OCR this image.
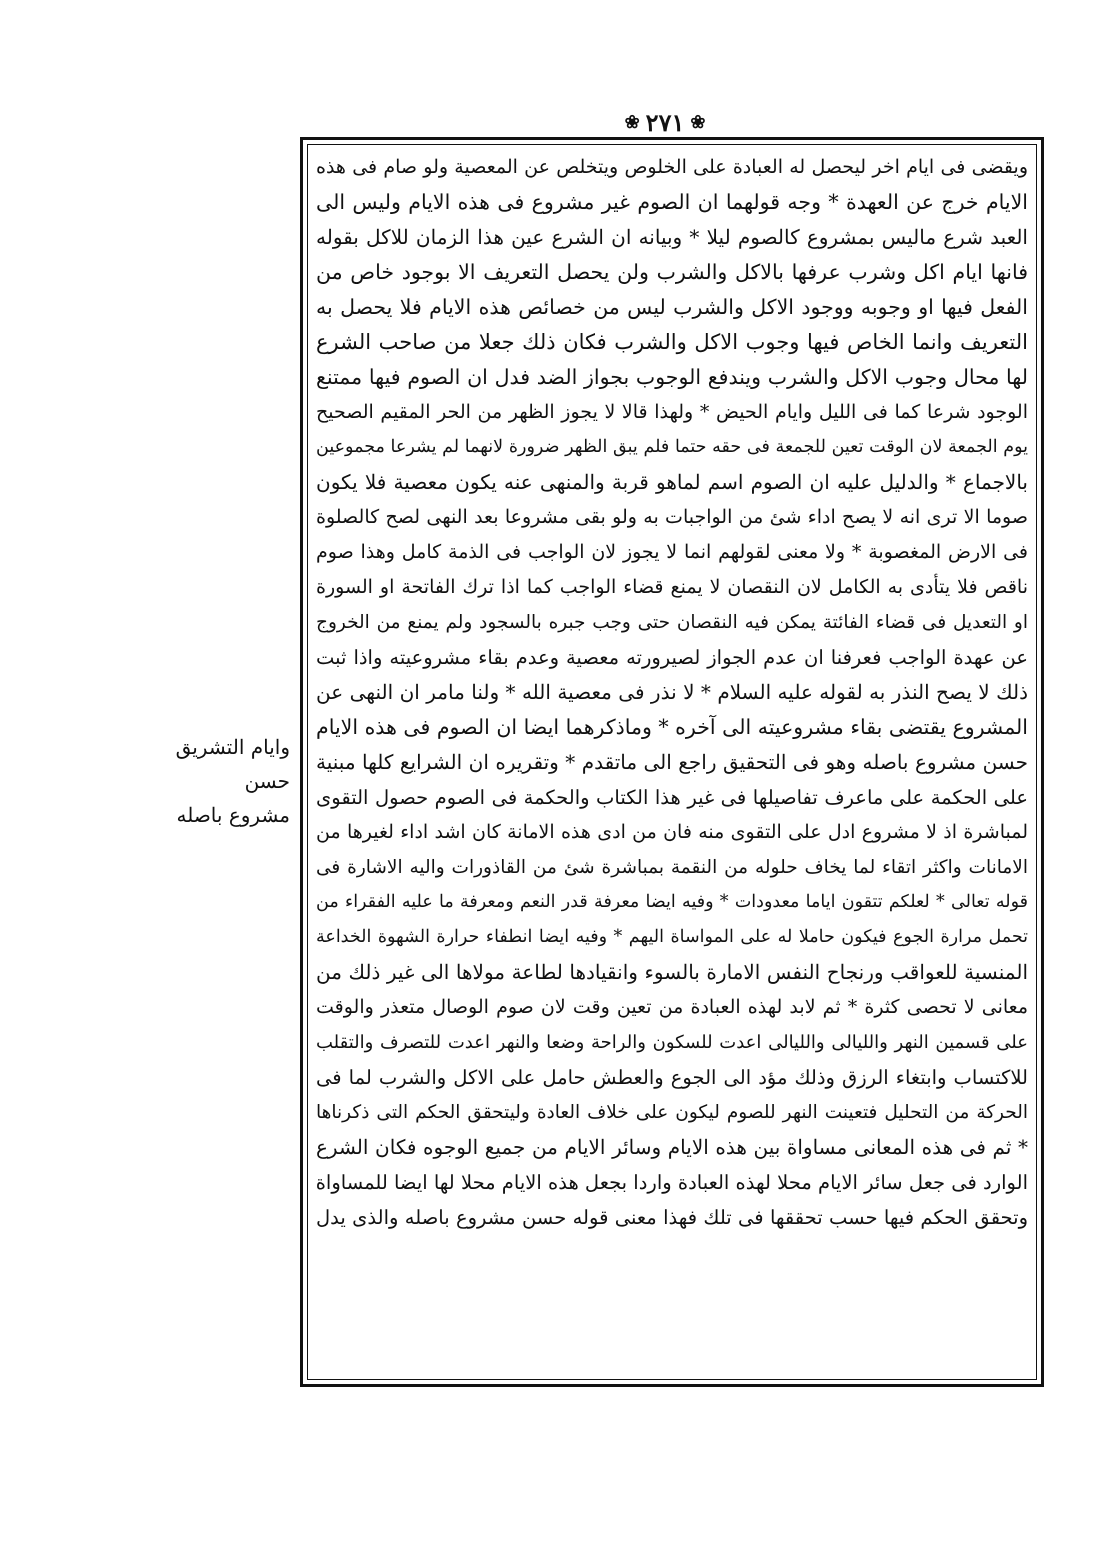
❀
٢٧١
❀
ويقضى فى ايام اخر ليحصل له العبادة على الخلوص ويتخلص عن المعصية ولو صام فى هذه
الايام خرج عن العهدة * وجه قولهما ان الصوم غير مشروع فى هذه الايام وليس الى
العبد شرع ماليس بمشروع كالصوم ليلا * وبيانه ان الشرع عين هذا الزمان للاكل بقوله
فانها ايام اكل وشرب عرفها بالاكل والشرب ولن يحصل التعريف الا بوجود خاص من
الفعل فيها او وجوبه ووجود الاكل والشرب ليس من خصائص هذه الايام فلا يحصل به
التعريف وانما الخاص فيها وجوب الاكل والشرب فكان ذلك جعلا من صاحب الشرع
لها محال وجوب الاكل والشرب ويندفع الوجوب بجواز الضد فدل ان الصوم فيها ممتنع
الوجود شرعا كما فى الليل وايام الحيض * ولهذا قالا لا يجوز الظهر من الحر المقيم الصحيح
يوم الجمعة لان الوقت تعين للجمعة فى حقه حتما فلم يبق الظهر ضرورة لانهما لم يشرعا مجموعين
بالاجماع * والدليل عليه ان الصوم اسم لماهو قربة والمنهى عنه يكون معصية فلا يكون
صوما الا ترى انه لا يصح اداء شئ من الواجبات به ولو بقى مشروعا بعد النهى لصح كالصلوة
فى الارض المغصوبة * ولا معنى لقولهم انما لا يجوز لان الواجب فى الذمة كامل وهذا صوم
ناقص فلا يتأدى به الكامل لان النقصان لا يمنع قضاء الواجب كما اذا ترك الفاتحة او السورة
او التعديل فى قضاء الفائتة يمكن فيه النقصان حتى وجب جبره بالسجود ولم يمنع من الخروج
عن عهدة الواجب فعرفنا ان عدم الجواز لصيرورته معصية وعدم بقاء مشروعيته واذا ثبت
ذلك لا يصح النذر به لقوله عليه السلام * لا نذر فى معصية الله * ولنا مامر ان النهى عن
المشروع يقتضى بقاء مشروعيته الى آخره * وماذكرهما ايضا ان الصوم فى هذه الايام
حسن مشروع باصله وهو فى التحقيق راجع الى ماتقدم * وتقريره ان الشرايع كلها مبنية
على الحكمة على ماعرف تفاصيلها فى غير هذا الكتاب والحكمة فى الصوم حصول التقوى
لمباشرة اذ لا مشروع ادل على التقوى منه فان من ادى هذه الامانة كان اشد اداء لغيرها من
الامانات واكثر اتقاء لما يخاف حلوله من النقمة بمباشرة شئ من القاذورات واليه الاشارة فى
قوله تعالى * لعلكم تتقون اياما معدودات * وفيه ايضا معرفة قدر النعم ومعرفة ما عليه الفقراء من
تحمل مرارة الجوع فيكون حاملا له على المواساة اليهم * وفيه ايضا انطفاء حرارة الشهوة الخداعة
المنسية للعواقب ورنجاح النفس الامارة بالسوء وانقيادها لطاعة مولاها الى غير ذلك من
معانى لا تحصى كثرة * ثم لابد لهذه العبادة من تعين وقت لان صوم الوصال متعذر والوقت
على قسمين النهر والليالى والليالى اعدت للسكون والراحة وضعا والنهر اعدت للتصرف والتقلب
للاكتساب وابتغاء الرزق وذلك مؤد الى الجوع والعطش حامل على الاكل والشرب لما فى
الحركة من التحليل فتعينت النهر للصوم ليكون على خلاف العادة وليتحقق الحكم التى ذكرناها
* ثم فى هذه المعانى مساواة بين هذه الايام وسائر الايام من جميع الوجوه فكان الشرع
الوارد فى جعل سائر الايام محلا لهذه العبادة واردا بجعل هذه الايام محلا لها ايضا للمساواة
وتحقق الحكم فيها حسب تحققها فى تلك فهذا معنى قوله حسن مشروع باصله والذى يدل
وايام التشريق حسن
مشروع باصله
